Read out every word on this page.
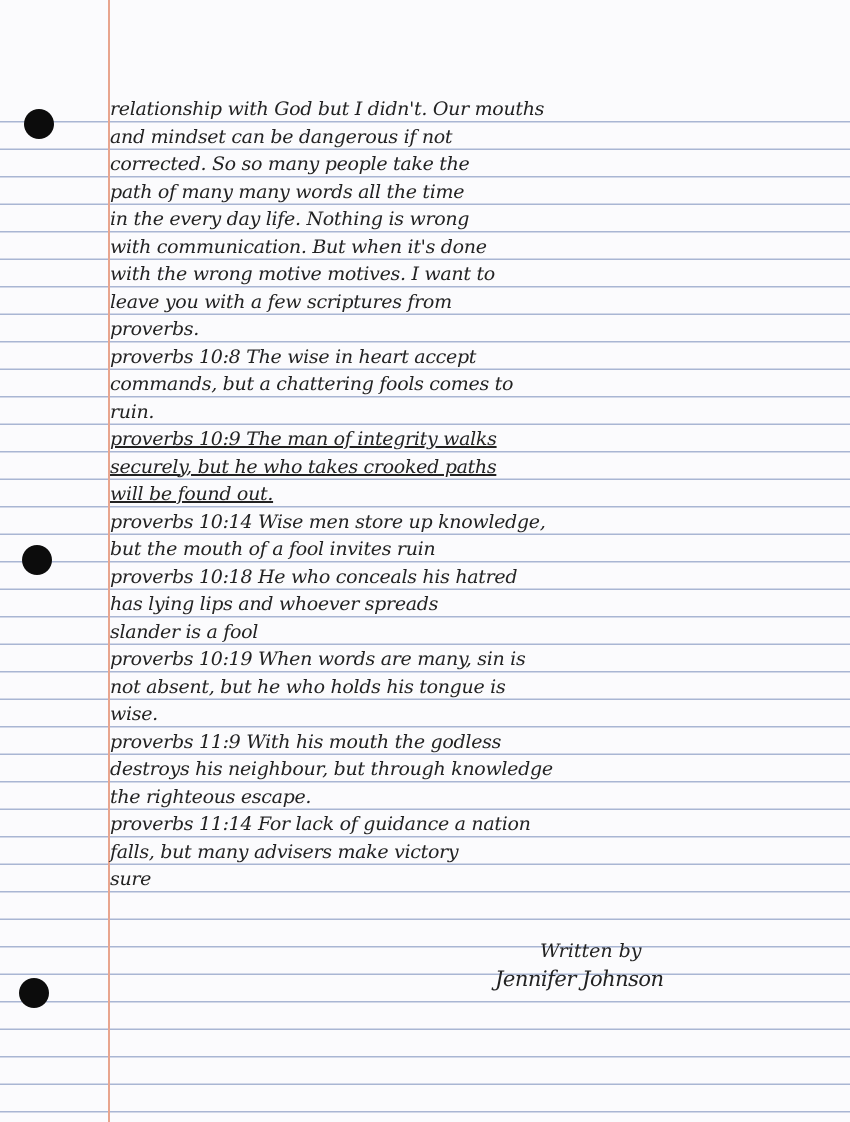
relationship with God but I didn't. Our mouths
and mindset can be dangerous if not
corrected. So so many people take the
path of many many words all the time
in the every day life. Nothing is wrong
with communication. But when it's done
with the wrong motive motives. I want to
leave you with a few scriptures from
proverbs.
proverbs 10:8 The wise in heart accept
commands, but a chattering fools comes to
ruin.
proverbs 10:9 The man of integrity walks
securely, but he who takes crooked paths
will be found out.
proverbs 10:14 Wise men store up knowledge,
but the mouth of a fool invites ruin
proverbs 10:18 He who conceals his hatred
has lying lips and whoever spreads
slander is a fool
proverbs 10:19 When words are many, sin is
not absent, but he who holds his tongue is
wise.
proverbs 11:9 With his mouth the godless
destroys his neighbour, but through knowledge
the righteous escape.
proverbs 11:14 For lack of guidance a nation
falls, but many advisers make victory
sure
Written by
Jennifer Johnson
